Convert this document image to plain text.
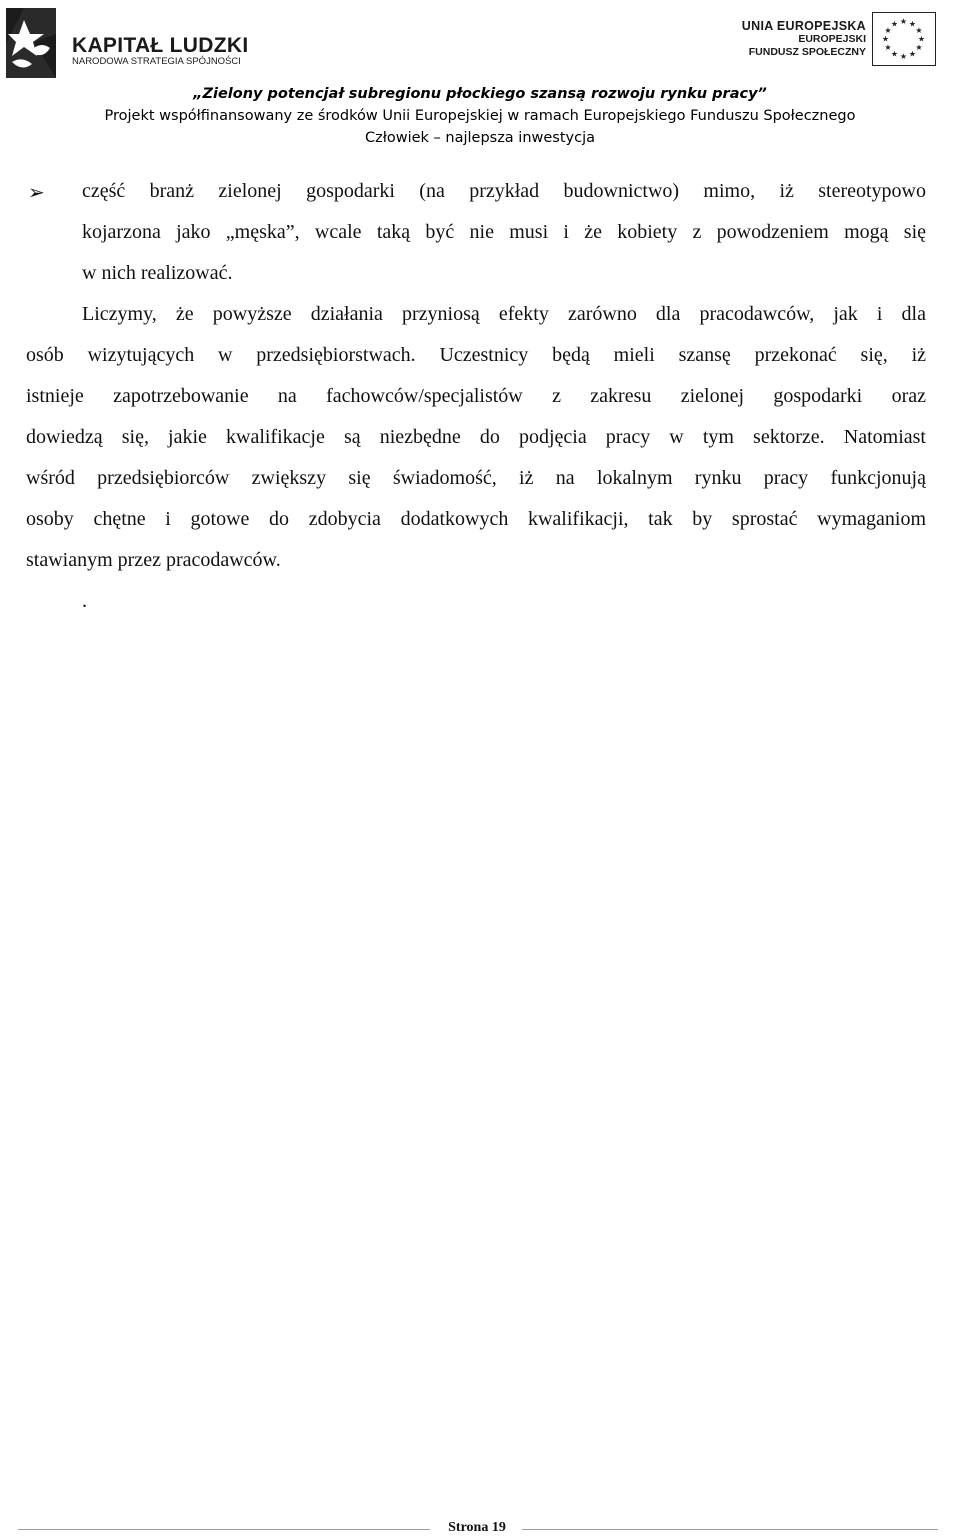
KAPITAŁ LUDZKI
NARODOWA STRATEGIA SPÓJNOŚCI
UNIA EUROPEJSKA
EUROPEJSKI
FUNDUSZ SPOŁECZNY
★ ★
★
★
★
★
★
★
★
★
★
★
„Zielony potencjał subregionu płockiego szansą rozwoju rynku pracy”
Projekt współfinansowany ze środków Unii Europejskiej w ramach Europejskiego Funduszu Społecznego
Człowiek – najlepsza inwestycja
➢ część branż zielonej gospodarki (na przykład budownictwo) mimo, iż stereotypowo
kojarzona jako „męska”, wcale taką być nie musi i że kobiety z powodzeniem mogą się
w nich realizować.
Liczymy, że powyższe działania przyniosą efekty zarówno dla pracodawców, jak i dla
osób wizytujących w przedsiębiorstwach. Uczestnicy będą mieli szansę przekonać się, iż
istnieje zapotrzebowanie na fachowców/specjalistów z zakresu zielonej gospodarki oraz
dowiedzą się, jakie kwalifikacje są niezbędne do podjęcia pracy w tym sektorze. Natomiast
wśród przedsiębiorców zwiększy się świadomość, iż na lokalnym rynku pracy funkcjonują
osoby chętne i gotowe do zdobycia dodatkowych kwalifikacji, tak by sprostać wymaganiom
stawianym przez pracodawców.
.
Strona 19
